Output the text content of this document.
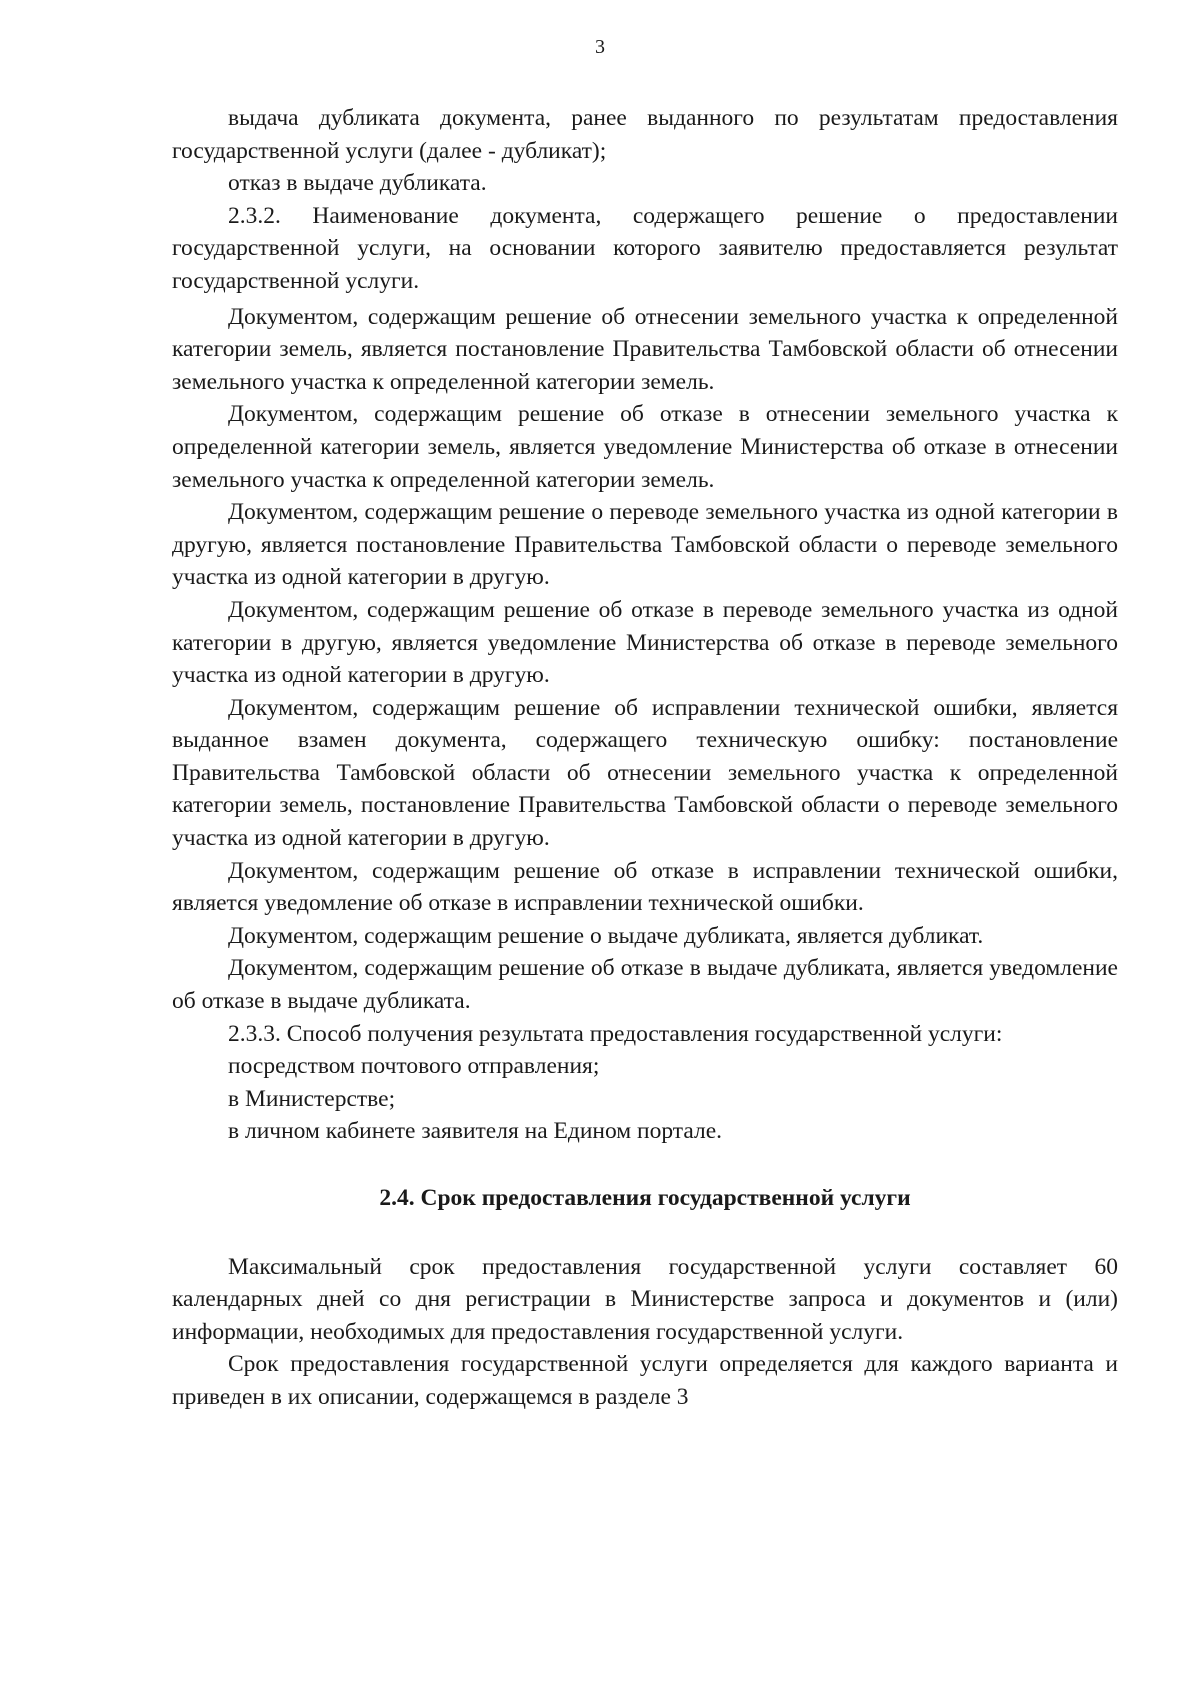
3

выдача дубликата документа, ранее выданного по результатам предоставления государственной услуги (далее - дубликат);

отказ в выдаче дубликата.

2.3.2. Наименование документа, содержащего решение о предоставлении государственной услуги, на основании которого заявителю предоставляется результат государственной услуги.

Документом, содержащим решение об отнесении земельного участка к определенной категории земель, является постановление Правительства Тамбовской области об отнесении земельного участка к определенной категории земель.

Документом, содержащим решение об отказе в отнесении земельного участка к определенной категории земель, является уведомление Министерства об отказе в отнесении земельного участка к определенной категории земель.

Документом, содержащим решение о переводе земельного участка из одной категории в другую, является постановление Правительства Тамбовской области о переводе земельного участка из одной категории в другую.

Документом, содержащим решение об отказе в переводе земельного участка из одной категории в другую, является уведомление Министерства об отказе в переводе земельного участка из одной категории в другую.

Документом, содержащим решение об исправлении технической ошибки, является выданное взамен документа, содержащего техническую ошибку: постановление Правительства Тамбовской области об отнесении земельного участка к определенной категории земель, постановление Правительства Тамбовской области о переводе земельного участка из одной категории в другую.

Документом, содержащим решение об отказе в исправлении технической ошибки, является уведомление об отказе в исправлении технической ошибки.

Документом, содержащим решение о выдаче дубликата, является дубликат.

Документом, содержащим решение об отказе в выдаче дубликата, является уведомление об отказе в выдаче дубликата.

2.3.3. Способ получения результата предоставления государственной услуги:

посредством почтового отправления;

в Министерстве;

в личном кабинете заявителя на Едином портале.

2.4. Срок предоставления государственной услуги

Максимальный срок предоставления государственной услуги составляет 60 календарных дней со дня регистрации в Министерстве запроса и документов и (или) информации, необходимых для предоставления государственной услуги.

Срок предоставления государственной услуги определяется для каждого варианта и приведен в их описании, содержащемся в разделе 3
